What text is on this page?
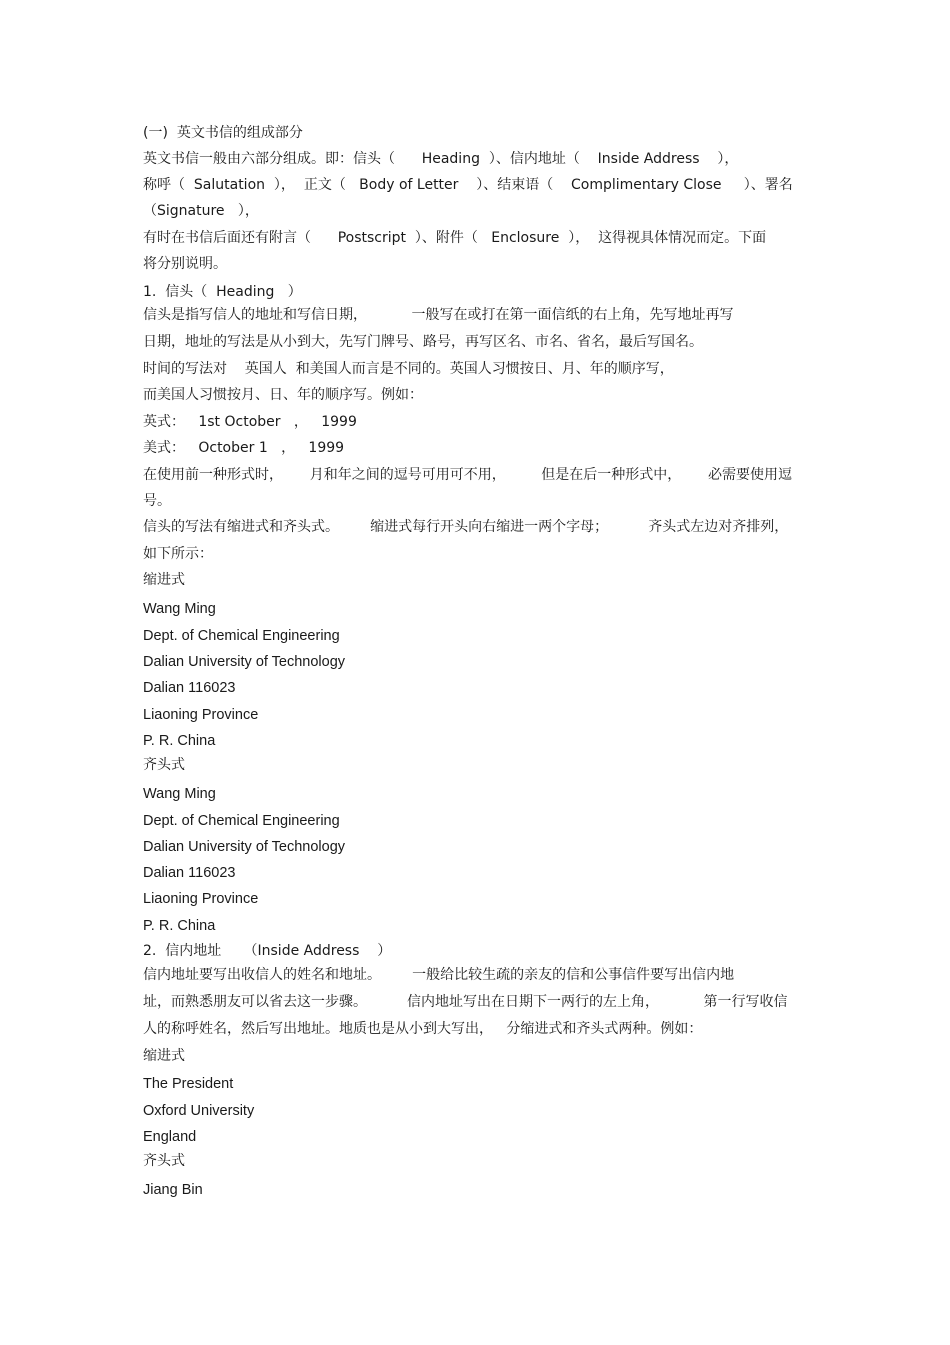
(一)  英文书信的组成部分
英文书信一般由六部分组成。即：信头（      Heading  ）、信内地址（    Inside Address    ），
称呼（  Salutation  ），  正文（   Body of Letter    ）、结束语（    Complimentary Close     ）、署名
（Signature   ），
有时在书信后面还有附言（      Postscript  ）、附件（   Enclosure  ），  这得视具体情况而定。下面
将分别说明。
1.  信头（  Heading   ）
信头是指写信人的地址和写信日期，          一般写在或打在第一面信纸的右上角，先写地址再写
日期，地址的写法是从小到大，先写门牌号、路号，再写区名、市名、省名，最后写国名。
时间的写法对    英国人  和美国人而言是不同的。英国人习惯按日、月、年的顺序写，
而美国人习惯按月、日、年的顺序写。例如：
英式：   1st October   ，   1999
美式：   October 1   ，   1999
在使用前一种形式时，      月和年之间的逗号可用可不用，        但是在后一种形式中，      必需要使用逗
号。
信头的写法有缩进式和齐头式。       缩进式每行开头向右缩进一两个字母；         齐头式左边对齐排列，
如下所示：
缩进式
Wang Ming
Dept. of Chemical Engineering
Dalian University of Technology
Dalian 116023
Liaoning Province
P. R. China
齐头式
Wang Ming
Dept. of Chemical Engineering
Dalian University of Technology
Dalian 116023
Liaoning Province
P. R. China
2.  信内地址     （Inside Address    ）
信内地址要写出收信人的姓名和地址。       一般给比较生疏的亲友的信和公事信件要写出信内地
址，而熟悉朋友可以省去这一步骤。         信内地址写出在日期下一两行的左上角，          第一行写收信
人的称呼姓名，然后写出地址。地质也是从小到大写出，   分缩进式和齐头式两种。例如：
缩进式
The President
Oxford University
England
齐头式
Jiang Bin
